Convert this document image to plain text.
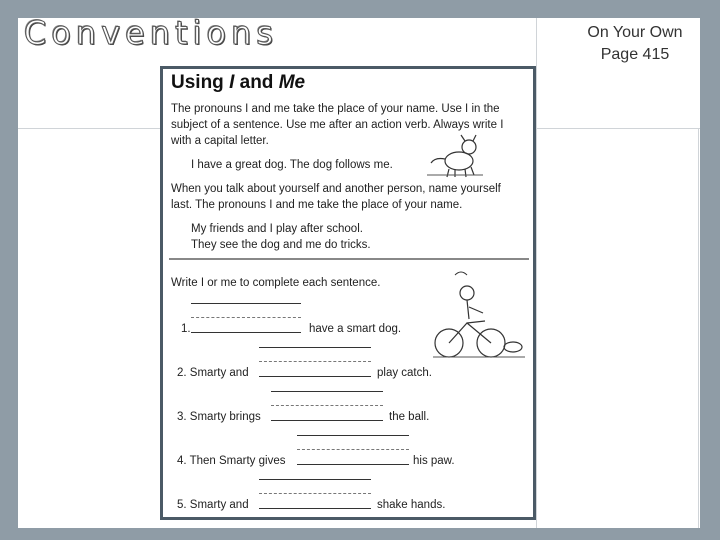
Conventions	On Your Own
Page 415
Using I and Me
The pronouns I and me take the place of your name. Use I in the
subject of a sentence. Use me after an action verb. Always write I
with a capital letter.
I have a great dog. The dog follows me.
When you talk about yourself and another person, name yourself
last. The pronouns I and me take the place of your name.
My friends and I play after school.
They see the dog and me do tricks.
Write I or me to complete each sentence.
1.	have a smart dog.
2. Smarty and	play catch.
3. Smarty brings	the ball.
4. Then Smarty gives	his paw.
5. Smarty and	shake hands.
